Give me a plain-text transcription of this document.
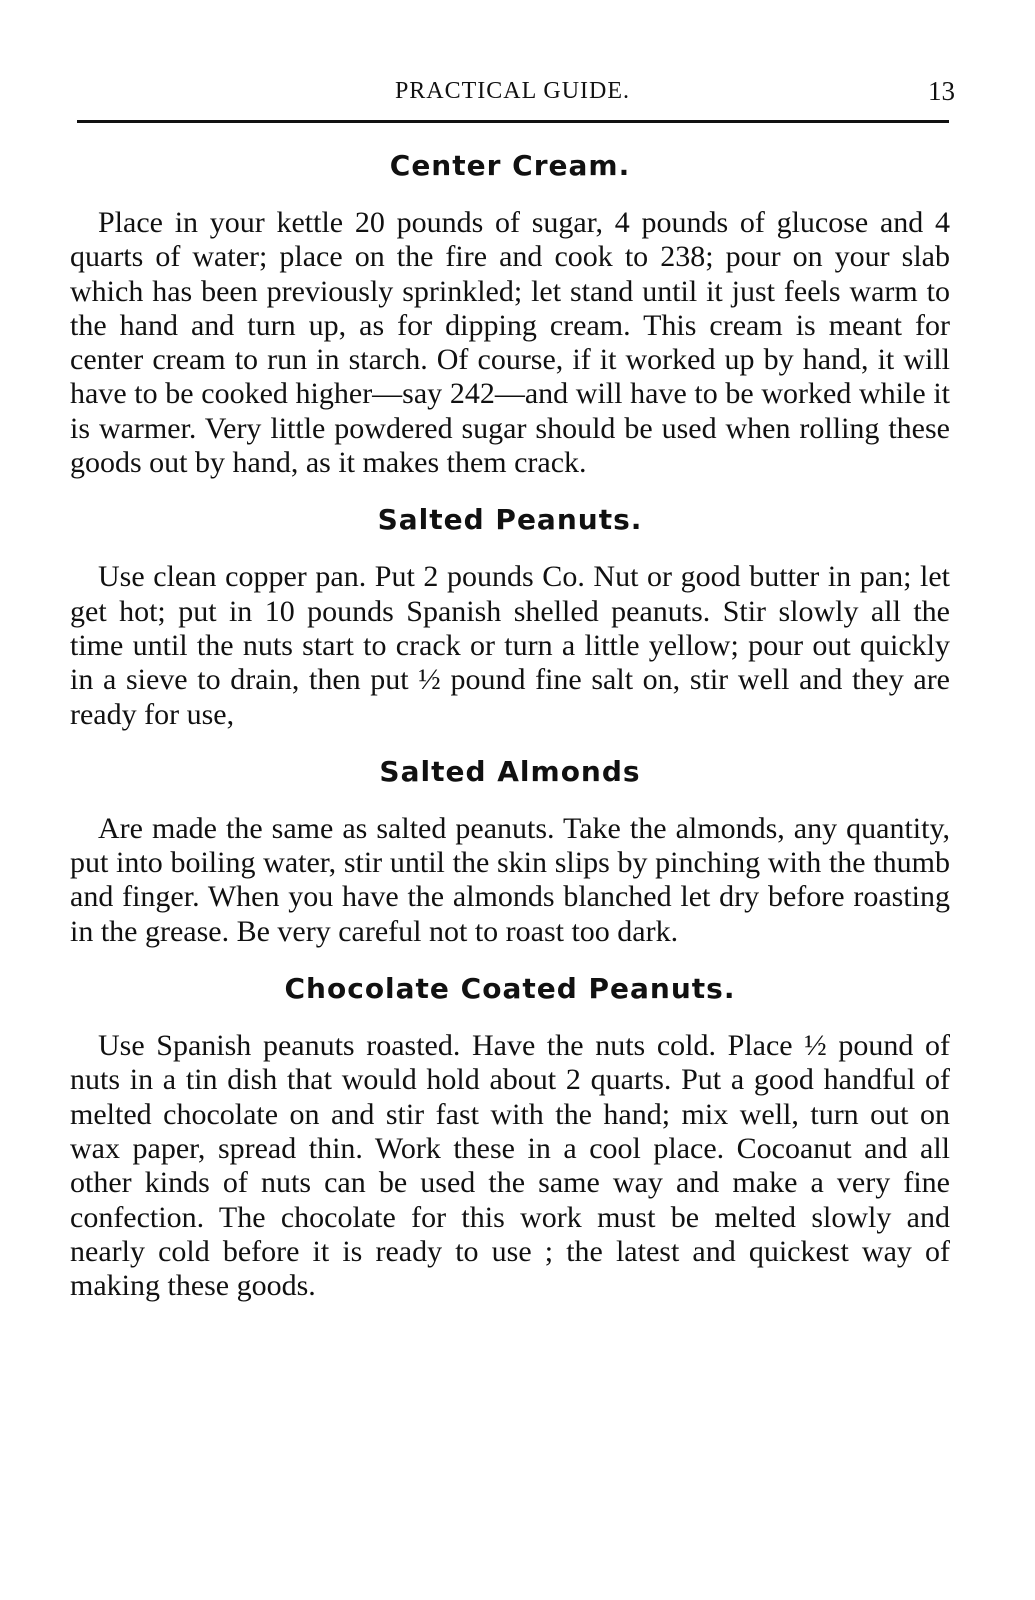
PRACTICAL GUIDE.	13
Center Cream.

Place in your kettle 20 pounds of sugar, 4 pounds of glucose and 4 quarts of water; place on the fire and cook to 238; pour on your slab which has been previously sprinkled; let stand until it just feels warm to the hand and turn up, as for dipping cream. This cream is meant for center cream to run in starch. Of course, if it worked up by hand, it will have to be cooked higher—say 242—and will have to be worked while it is warmer. Very little powdered sugar should be used when rolling these goods out by hand, as it makes them crack.

Salted Peanuts.

Use clean copper pan. Put 2 pounds Co. Nut or good butter in pan; let get hot; put in 10 pounds Spanish shelled peanuts. Stir slowly all the time until the nuts start to crack or turn a little yellow; pour out quickly in a sieve to drain, then put ½ pound fine salt on, stir well and they are ready for use,

Salted Almonds

Are made the same as salted peanuts. Take the almonds, any quantity, put into boiling water, stir until the skin slips by pinching with the thumb and finger. When you have the almonds blanched let dry before roasting in the grease. Be very careful not to roast too dark.

Chocolate Coated Peanuts.

Use Spanish peanuts roasted. Have the nuts cold. Place ½ pound of nuts in a tin dish that would hold about 2 quarts. Put a good handful of melted chocolate on and stir fast with the hand; mix well, turn out on wax paper, spread thin. Work these in a cool place. Cocoanut and all other kinds of nuts can be used the same way and make a very fine confection. The chocolate for this work must be melted slowly and nearly cold before it is ready to use ; the latest and quickest way of making these goods.
